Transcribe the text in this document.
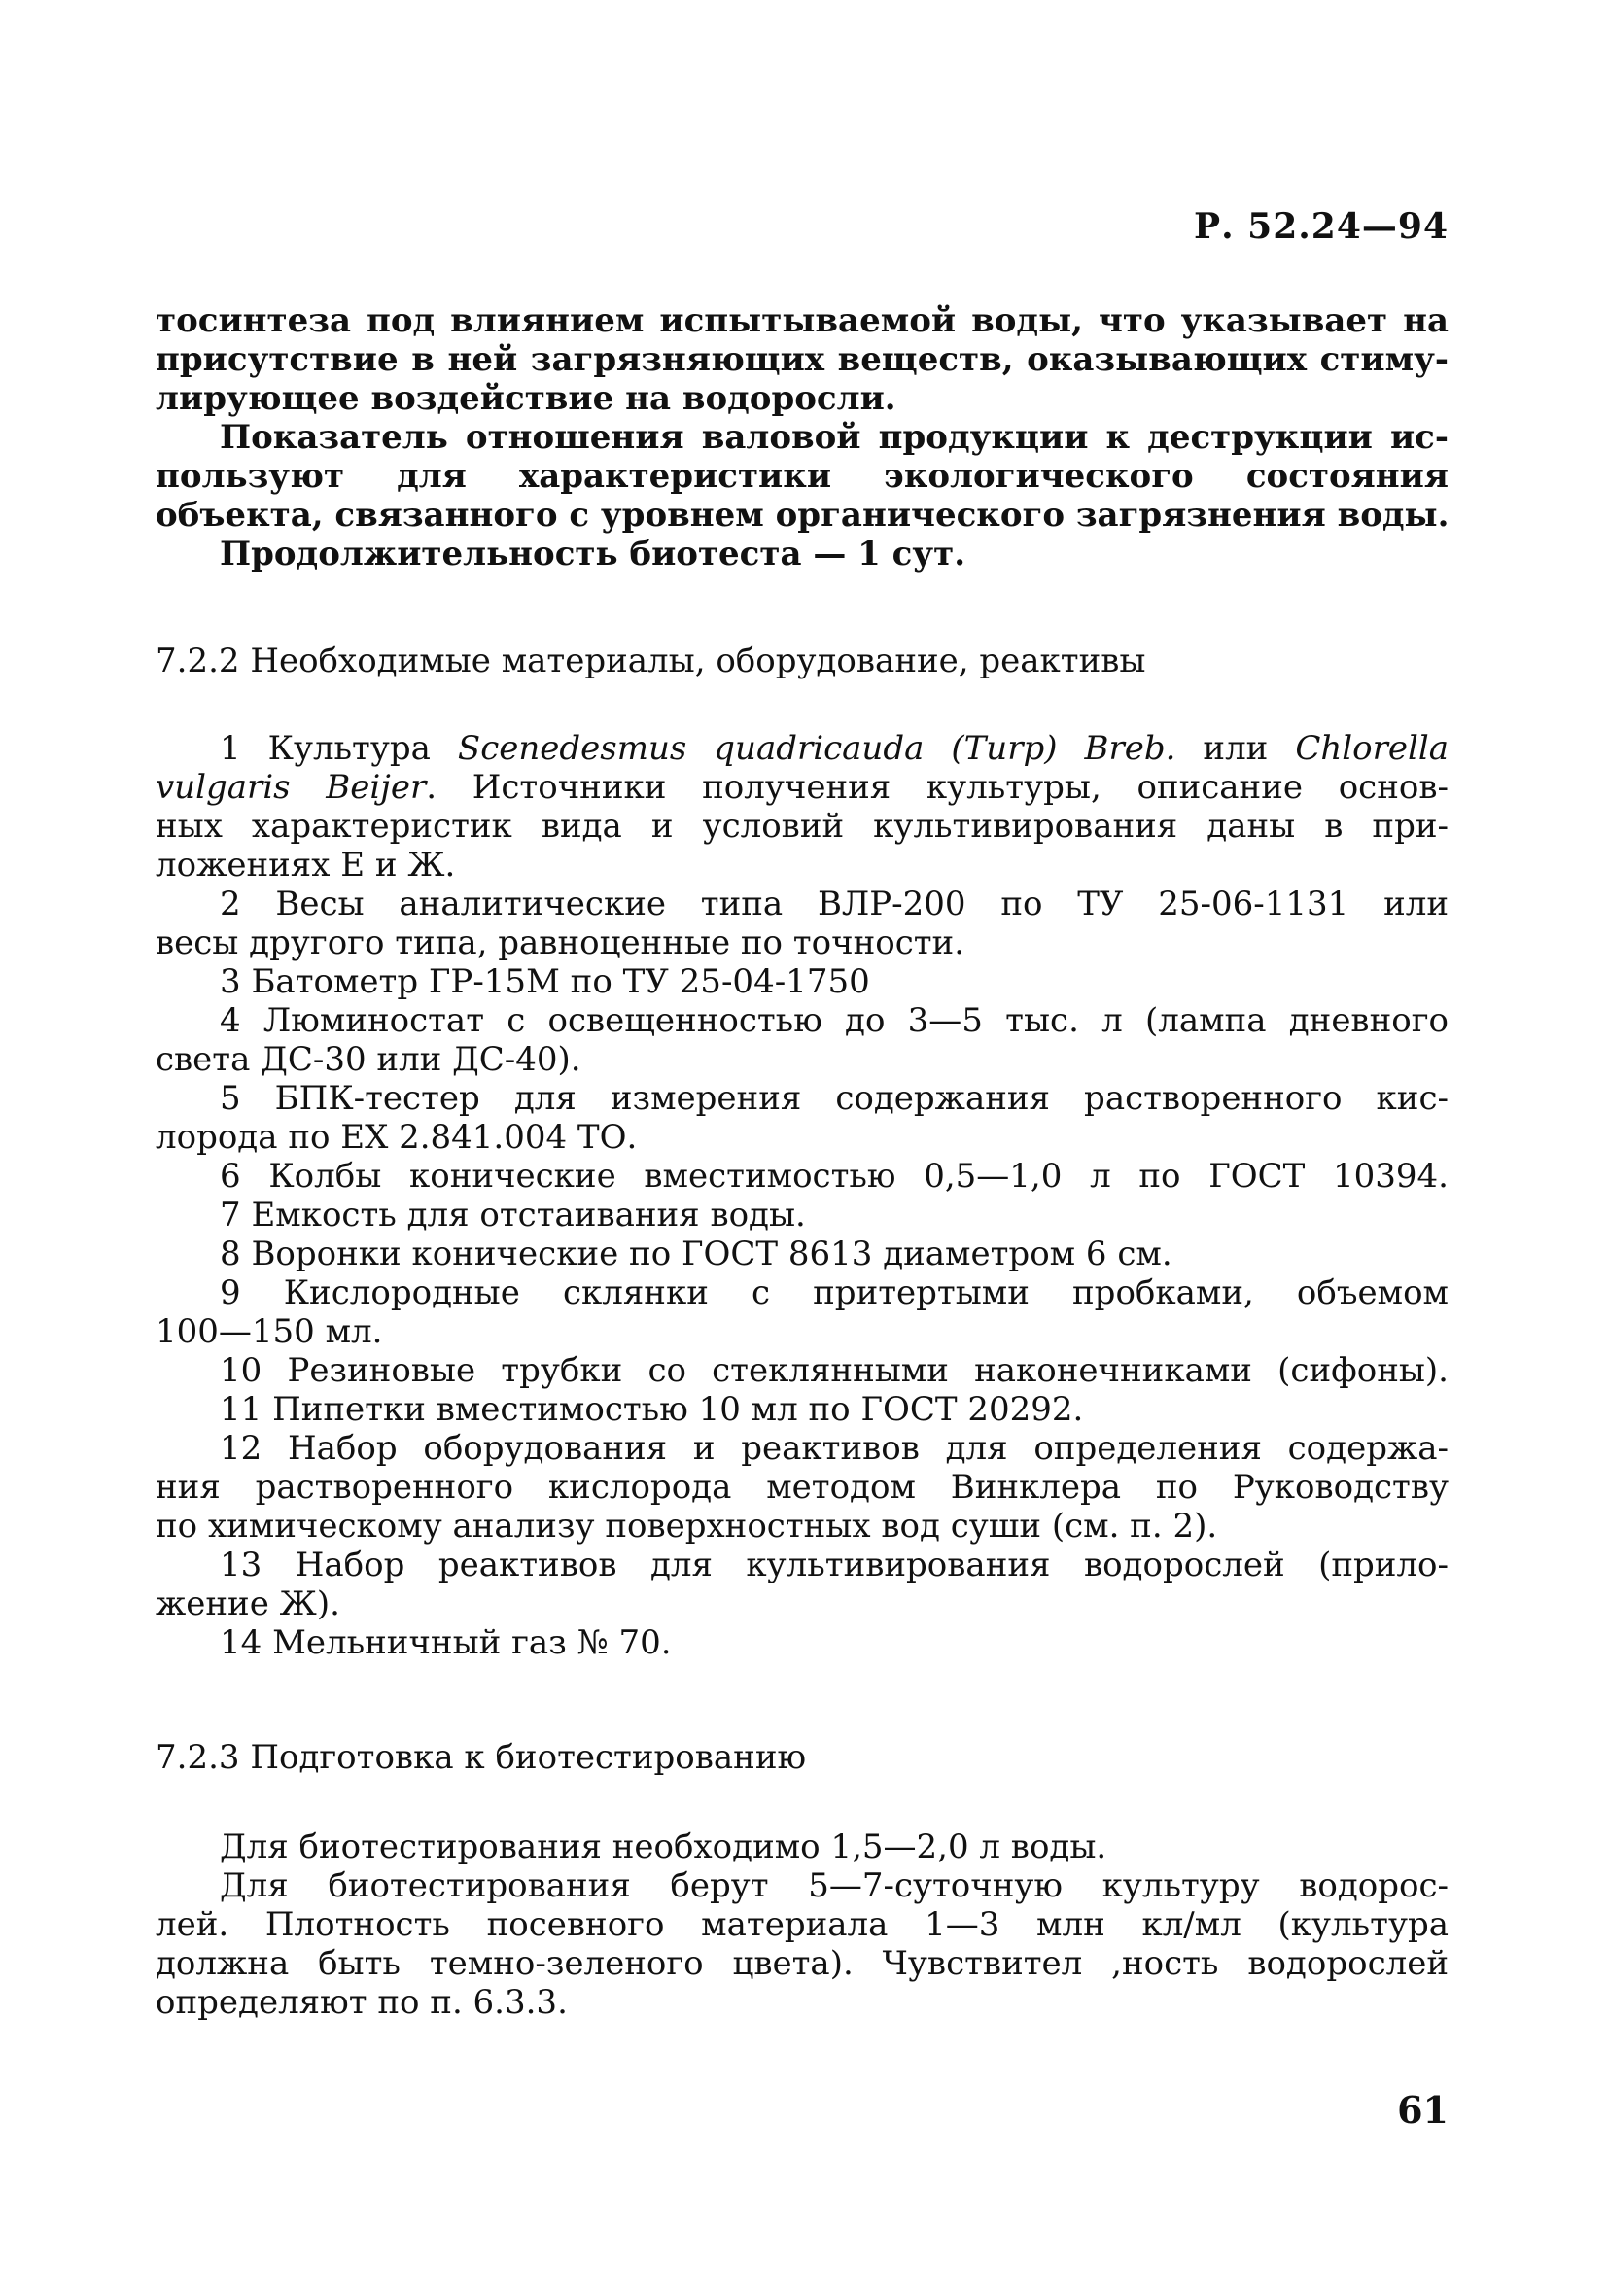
Р. 52.24—94
тосинтеза под влиянием испытываемой воды, что указывает на
присутствие в ней загрязняющих веществ, оказывающих стиму-
лирующее воздействие на водоросли.
Показатель отношения валовой продукции к деструкции ис-
пользуют для характеристики экологического состояния
объекта, связанного с уровнем органического загрязнения воды.
Продолжительность биотеста — 1 сут.
7.2.2 Необходимые материалы, оборудование, реактивы
1 Культура Scenedesmus quadricauda (Turp) Breb. или Chlorella
vulgaris Beijer. Источники получения культуры, описание основ-
ных характеристик вида и условий культивирования даны в при-
ложениях Е и Ж.
2 Весы аналитические типа ВЛР-200 по ТУ 25-06-1131 или
весы другого типа, равноценные по точности.
3 Батометр ГР-15М по ТУ 25-04-1750
4 Люминостат с освещенностью до 3—5 тыс. л (лампа дневного
света ДС-30 или ДС-40).
5 БПК-тестер для измерения содержания растворенного кис-
лорода по ЕХ 2.841.004 ТО.
6 Колбы конические вместимостью 0,5—1,0 л по ГОСТ 10394.
7 Емкость для отстаивания воды.
8 Воронки конические по ГОСТ 8613 диаметром 6 см.
9 Кислородные склянки с притертыми пробками, объемом
100—150 мл.
10 Резиновые трубки со стеклянными наконечниками (сифоны).
11 Пипетки вместимостью 10 мл по ГОСТ 20292.
12 Набор оборудования и реактивов для определения содержа-
ния растворенного кислорода методом Винклера по Руководству
по химическому анализу поверхностных вод суши (см. п. 2).
13 Набор реактивов для культивирования водорослей (прило-
жение Ж).
14 Мельничный газ № 70.
7.2.3 Подготовка к биотестированию
Для биотестирования необходимо 1,5—2,0 л воды.
Для биотестирования берут 5—7-суточную культуру водорос-
лей. Плотность посевного материала 1—3 млн кл/мл (культура
должна быть темно-зеленого цвета). Чувствител ,ность водорослей
определяют по п. 6.3.3.
61
